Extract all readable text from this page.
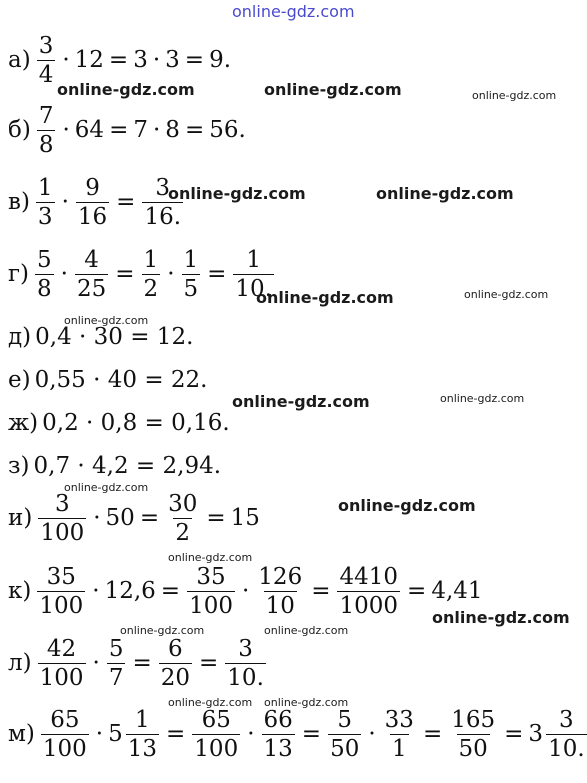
online-gdz.com
$а) \frac{3}{4} \cdot 12 = 3 \cdot 3 = 9$.
$б) \frac{7}{8} \cdot 64 = 7 \cdot 8 = 56$.
$в) \frac{1}{3} \cdot \frac{9}{16} = \frac{3}{16.}$
$г) \frac{5}{8} \cdot \frac{4}{25} = \frac{1}{2} \cdot \frac{1}{5} = \frac{1}{10.}$
д) 0,4 · 30 = 12.
е) 0,55 · 40 = 22.
ж) 0,2 · 0,8 = 0,16.
з) 0,7 · 4,2 = 2,94.
$и) \frac{3}{100} \cdot 50 = \frac{30}{2} = 15$
$к) \frac{35}{100} \cdot 12,6 = \frac{35}{100} \cdot \frac{126}{10} = \frac{4410}{1000} = 4,41$
$л) \frac{42}{100} \cdot \frac{5}{7} = \frac{6}{20} = \frac{3}{10.}$
$м) \frac{65}{100} \cdot 5 \frac{1}{13} = \frac{65}{100} \cdot \frac{66}{13} = \frac{5}{50} \cdot \frac{33}{1} = \frac{165}{50} = 3 \frac{3}{10.}$
online-gdz.com	online-gdz.com	online-gdz.com
online-gdz.com	online-gdz.com
online-gdz.com	online-gdz.com
online-gdz.com
online-gdz.com	online-gdz.com
online-gdz.com
online-gdz.com
online-gdz.com
online-gdz.com
online-gdz.com	online-gdz.com
online-gdz.com online-gdz.com
